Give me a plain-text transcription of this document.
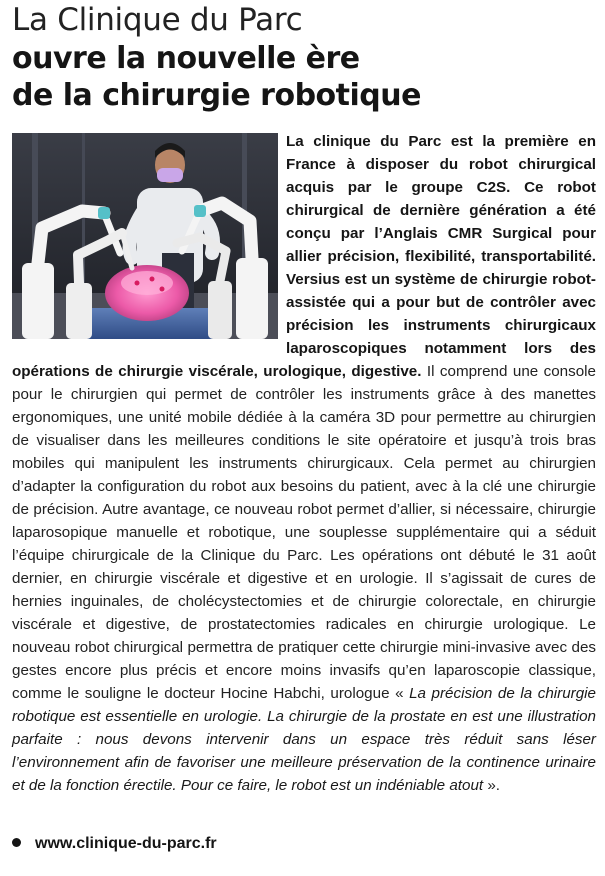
La Clinique du Parc
ouvre la nouvelle ère
de la chirurgie robotique
La clinique du Parc est la première en France à disposer du robot chirurgical acquis par le groupe C2S. Ce robot chirurgical de dernière génération a été conçu par l’Anglais CMR Surgical pour allier précision, flexibilité, transportabilité. Versius est un système de chirurgie robot-assistée qui a pour but de contrôler avec précision les instruments chirurgicaux laparoscopiques notamment lors des opérations de chirurgie viscérale, urologique, digestive. Il comprend une console pour le chirurgien qui permet de contrôler les instruments grâce à des manettes ergonomiques, une unité mobile dédiée à la caméra 3D pour permettre au chirurgien de visualiser dans les meilleures conditions le site opératoire et jusqu’à trois bras mobiles qui manipulent les instruments chirurgicaux. Cela permet au chirurgien d’adapter la configuration du robot aux besoins du patient, avec à la clé une chirurgie de précision. Autre avantage, ce nouveau robot permet d’allier, si nécessaire, chirurgie laparosopique manuelle et robotique, une souplesse supplémentaire qui a séduit l’équipe chirurgicale de la Clinique du Parc. Les opérations ont débuté le 31 août dernier, en chirurgie viscérale et digestive et en urologie. Il s’agissait de cures de hernies inguinales, de cholécystectomies et de chirurgie colorectale, en chirurgie viscérale et digestive, de prostatectomies radicales en chirurgie urologique. Le nouveau robot chirurgical permettra de pratiquer cette chirurgie mini-invasive avec des gestes encore plus précis et encore moins invasifs qu’en laparoscopie classique, comme le souligne le docteur Hocine Habchi, urologue « La précision de la chirurgie robotique est essentielle en urologie. La chirurgie de la prostate en est une illustration parfaite : nous devons intervenir dans un espace très réduit sans léser l’environnement afin de favoriser une meilleure préservation de la continence urinaire et de la fonction érectile. Pour ce faire, le robot est un indéniable atout ».
www.clinique-du-parc.fr
